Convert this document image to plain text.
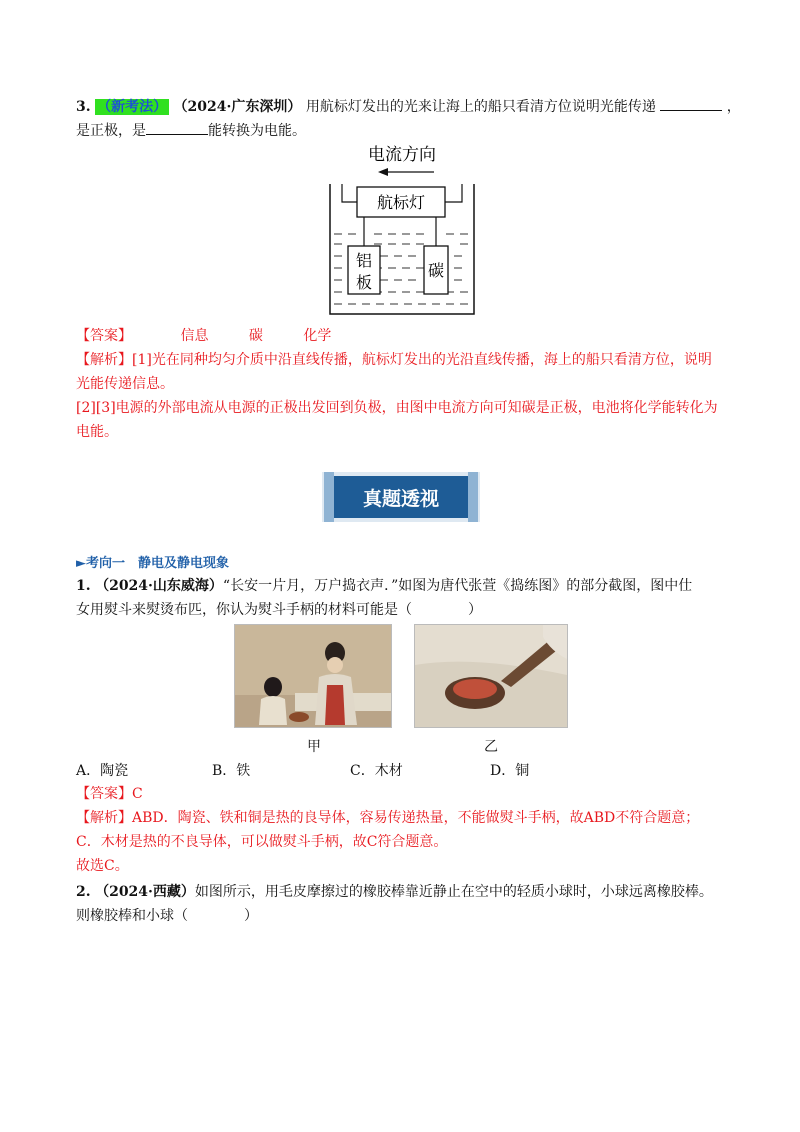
3. （新考法） （2024·广东深圳） 用航标灯发出的光来让海上的船只看清方位说明光能传递	，
是正极，是	能转换为电能。
电流方向
航标灯
铝
板
碳
【答案】	信息	碳	化学
【解析】[1]光在同种均匀介质中沿直线传播，航标灯发出的光沿直线传播，海上的船只看清方位，说明
光能传递信息。
[2][3]电源的外部电流从电源的正极出发回到负极，由图中电流方向可知碳是正极，电池将化学能转化为
电能。
真题透视
►考向一　静电及静电现象
1. （2024·山东威海）“长安一片月，万户捣衣声．”如图为唐代张萱《捣练图》的部分截图，图中仕
女用熨斗来熨烫布匹，你认为熨斗手柄的材料可能是（　　　　）
甲	乙
A．陶瓷	B．铁	C．木材	D．铜
【答案】C
【解析】ABD．陶瓷、铁和铜是热的良导体，容易传递热量，不能做熨斗手柄，故ABD不符合题意；
C．木材是热的不良导体，可以做熨斗手柄，故C符合题意。
故选C。
2. （2024·西藏）如图所示，用毛皮摩擦过的橡胶棒靠近静止在空中的轻质小球时，小球远离橡胶棒。
则橡胶棒和小球（　　　　）
